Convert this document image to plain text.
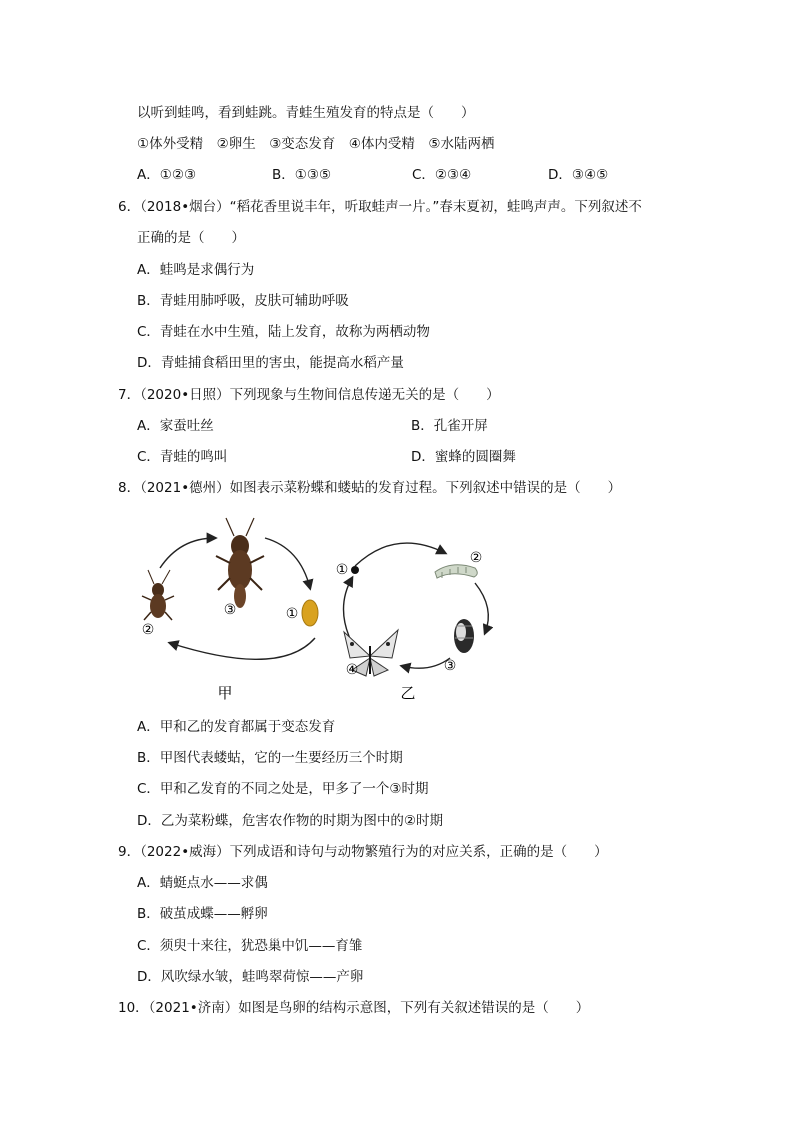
以听到蛙鸣，看到蛙跳。青蛙生殖发育的特点是（　　）
①体外受精　②卵生　③变态发育　④体内受精　⑤水陆两栖
A．①②③	B．①③⑤	C．②③④	D．③④⑤
6．（2018•烟台）“稻花香里说丰年，听取蛙声一片。”春末夏初，蛙鸣声声。下列叙述不
正确的是（　　）
A．蛙鸣是求偶行为
B．青蛙用肺呼吸，皮肤可辅助呼吸
C．青蛙在水中生殖，陆上发育，故称为两栖动物
D．青蛙捕食稻田里的害虫，能提高水稻产量
7．（2020•日照）下列现象与生物间信息传递无关的是（　　）
A．家蚕吐丝	B．孔雀开屏
C．青蛙的鸣叫	D．蜜蜂的圆圈舞
8．（2021•德州）如图表示菜粉蝶和蝼蛄的发育过程。下列叙述中错误的是（　　）
③
②
①
甲
①
②
③
④
乙
A．甲和乙的发育都属于变态发育
B．甲图代表蝼蛄，它的一生要经历三个时期
C．甲和乙发育的不同之处是，甲多了一个③时期
D．乙为菜粉蝶，危害农作物的时期为图中的②时期
9．（2022•威海）下列成语和诗句与动物繁殖行为的对应关系，正确的是（　　）
A．蜻蜓点水——求偶
B．破茧成蝶——孵卵
C．须臾十来往，犹恐巢中饥——育雏
D．风吹绿水皱，蛙鸣翠荷惊——产卵
10．（2021•济南）如图是鸟卵的结构示意图，下列有关叙述错误的是（　　）
